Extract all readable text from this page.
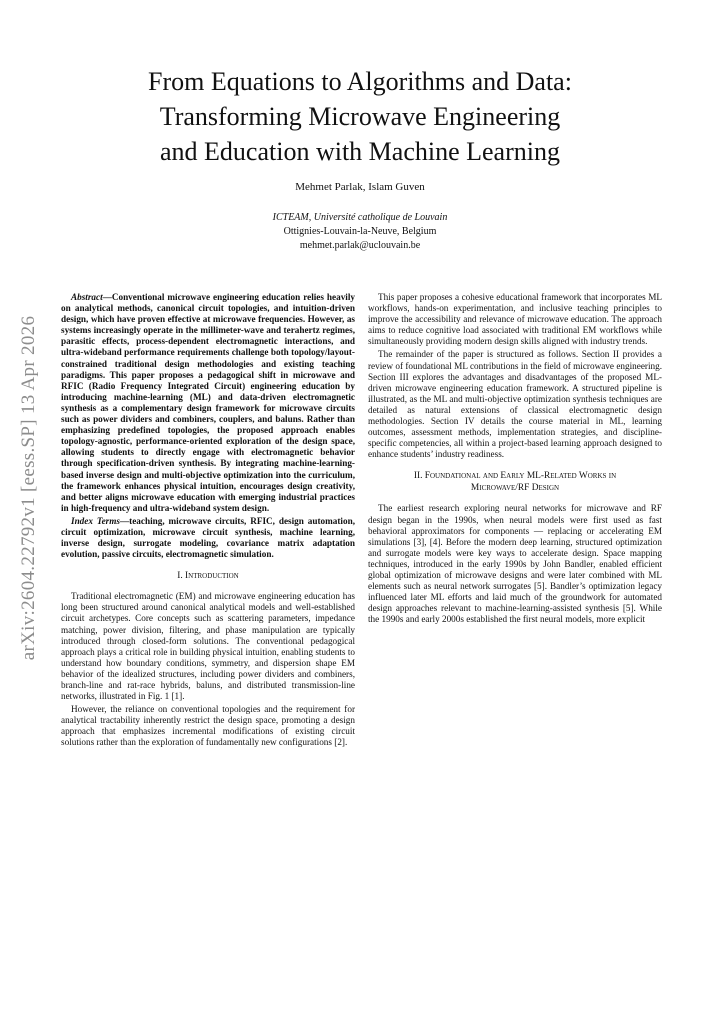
From Equations to Algorithms and Data:
Transforming Microwave Engineering
and Education with Machine Learning
Mehmet Parlak, Islam Guven
ICTEAM, Université catholique de Louvain
Ottignies-Louvain-la-Neuve, Belgium
mehmet.parlak@uclouvain.be
arXiv:2604.22792v1 [eess.SP] 13 Apr 2026

Abstract—Conventional microwave engineering education relies heavily on analytical methods, canonical circuit topologies, and intuition-driven design, which have proven effective at microwave frequencies. However, as systems increasingly operate in the millimeter-wave and terahertz regimes, parasitic effects, process-dependent electromagnetic interactions, and ultra-wideband performance requirements challenge both topology/layout-constrained traditional design methodologies and existing teaching paradigms. This paper proposes a pedagogical shift in microwave and RFIC (Radio Frequency Integrated Circuit) engineering education by introducing machine-learning (ML) and data-driven electromagnetic synthesis as a complementary design framework for microwave circuits such as power dividers and combiners, couplers, and baluns. Rather than emphasizing predefined topologies, the proposed approach enables topology-agnostic, performance-oriented exploration of the design space, allowing students to directly engage with electromagnetic behavior through specification-driven synthesis. By integrating machine-learning-based inverse design and multi-objective optimization into the curriculum, the framework enhances physical intuition, encourages design creativity, and better aligns microwave education with emerging industrial practices in high-frequency and ultra-wideband system design.

Index Terms—teaching, microwave circuits, RFIC, design automation, circuit optimization, microwave circuit synthesis, machine learning, inverse design, surrogate modeling, covariance matrix adaptation evolution, passive circuits, electromagnetic simulation.

I. Introduction

Traditional electromagnetic (EM) and microwave engineering education has long been structured around canonical analytical models and well-established circuit archetypes. Core concepts such as scattering parameters, impedance matching, power division, filtering, and phase manipulation are typically introduced through closed-form solutions. The conventional pedagogical approach plays a critical role in building physical intuition, enabling students to understand how boundary conditions, symmetry, and dispersion shape EM behavior of the idealized structures, including power dividers and combiners, branch-line and rat-race hybrids, baluns, and distributed transmission-line networks, illustrated in Fig. 1 [1].

However, the reliance on conventional topologies and the requirement for analytical tractability inherently restrict the design space, promoting a design approach that emphasizes incremental modifications of existing circuit solutions rather than the exploration of fundamentally new configurations [2].

This paper proposes a cohesive educational framework that incorporates ML workflows, hands-on experimentation, and inclusive teaching principles to improve the accessibility and relevance of microwave education. The approach aims to reduce cognitive load associated with traditional EM workflows while simultaneously providing modern design skills aligned with industry trends.

The remainder of the paper is structured as follows. Section II provides a review of foundational ML contributions in the field of microwave engineering. Section III explores the advantages and disadvantages of the proposed ML-driven microwave engineering education framework. A structured pipeline is illustrated, as the ML and multi-objective optimization synthesis techniques are detailed as natural extensions of classical electromagnetic design methodologies. Section IV details the course material in ML, learning outcomes, assessment methods, implementation strategies, and discipline-specific competencies, all within a project-based learning approach designed to enhance students’ industry readiness.

II. Foundational and Early ML-Related Works in
Microwave/RF Design

The earliest research exploring neural networks for microwave and RF design began in the 1990s, when neural models were first used as fast behavioral approximators for components — replacing or accelerating EM simulations [3], [4]. Before the modern deep learning, structured optimization and surrogate models were key ways to accelerate design. Space mapping techniques, introduced in the early 1990s by John Bandler, enabled efficient global optimization of microwave designs and were later combined with ML elements such as neural network surrogates [5]. Bandler’s optimization legacy influenced later ML efforts and laid much of the groundwork for automated design approaches relevant to machine-learning-assisted synthesis [5]. While the 1990s and early 2000s established the first neural models, more explicit
